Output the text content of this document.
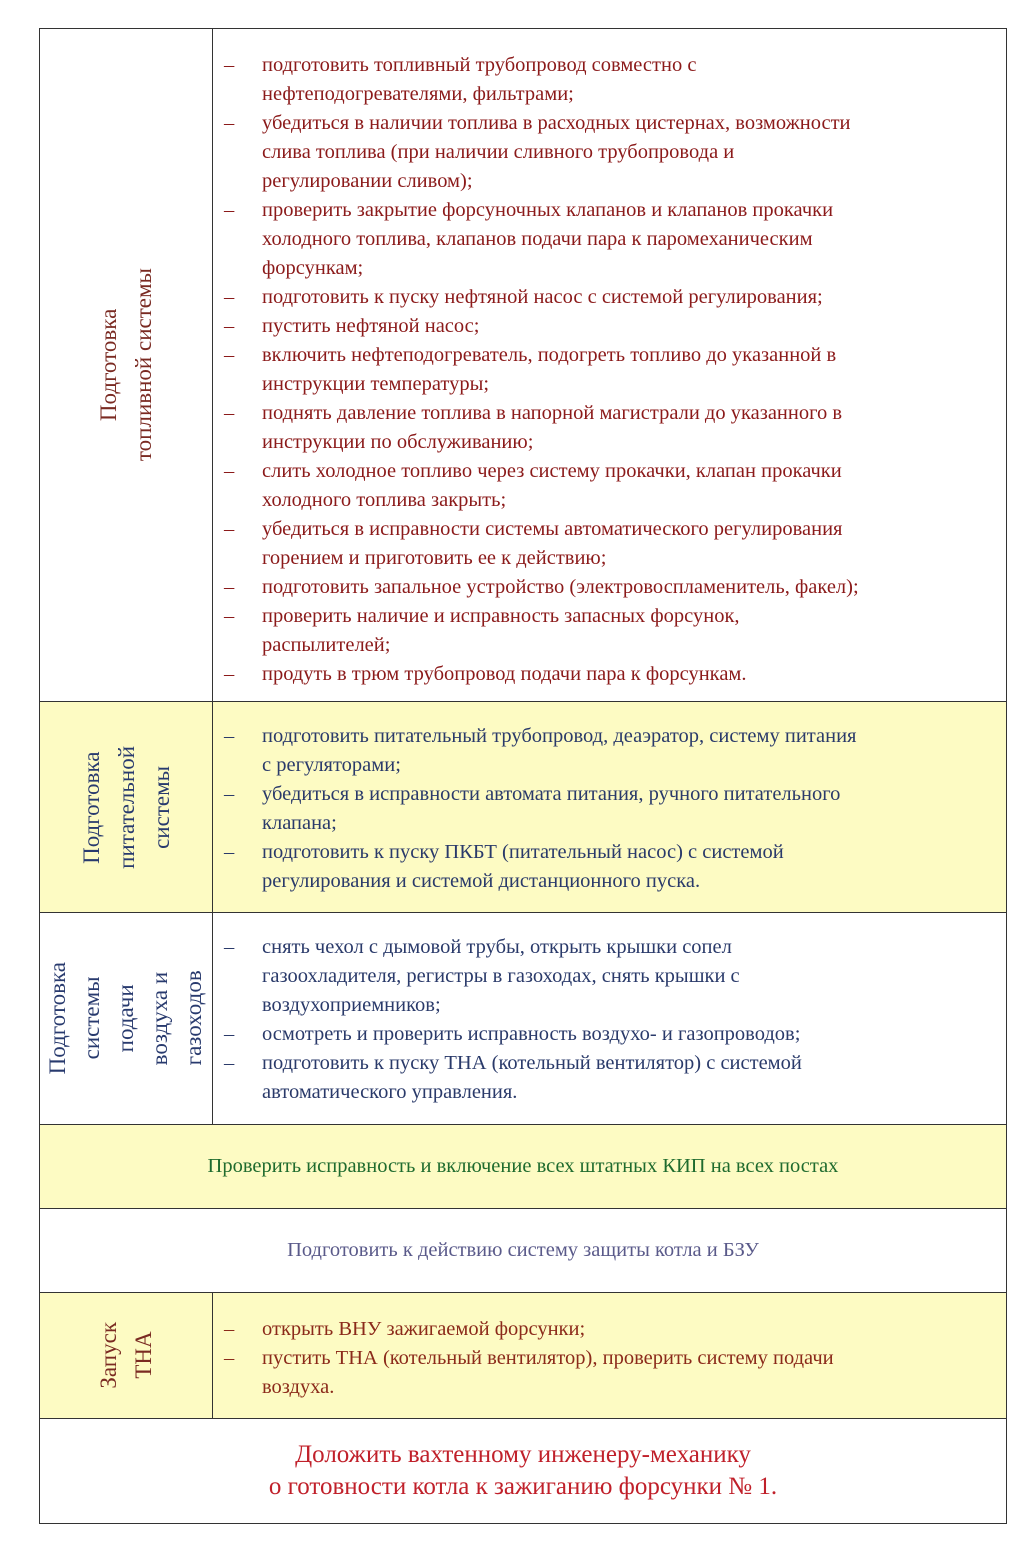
Подготовка топливной системы
– подготовить топливный трубопровод совместно с
нефтеподогревателями, фильтрами;
– убедиться в наличии топлива в расходных цистернах, возможности
слива топлива (при наличии сливного трубопровода и
регулировании сливом);
– проверить закрытие форсуночных клапанов и клапанов прокачки
холодного топлива, клапанов подачи пара к паромеханическим
форсункам;
– подготовить к пуску нефтяной насос с системой регулирования;
– пустить нефтяной насос;
– включить нефтеподогреватель, подогреть топливо до указанной в
инструкции температуры;
– поднять давление топлива в напорной магистрали до указанного в
инструкции по обслуживанию;
– слить холодное топливо через систему прокачки, клапан прокачки
холодного топлива закрыть;
– убедиться в исправности системы автоматического регулирования
горением и приготовить ее к действию;
– подготовить запальное устройство (электровоспламенитель, факел);
– проверить наличие и исправность запасных форсунок,
распылителей;
– продуть в трюм трубопровод подачи пара к форсункам.
Подготовка питательной системы
– подготовить питательный трубопровод, деаэратор, систему питания
с регуляторами;
– убедиться в исправности автомата питания, ручного питательного
клапана;
– подготовить к пуску ПКБТ (питательный насос) с системой
регулирования и системой дистанционного пуска.
Подготовка системы подачи воздуха и газоходов
– снять чехол с дымовой трубы, открыть крышки сопел
газоохладителя, регистры в газоходах, снять крышки с
воздухоприемников;
– осмотреть и проверить исправность воздухо- и газопроводов;
– подготовить к пуску ТНА (котельный вентилятор) с системой
автоматического управления.
Проверить исправность и включение всех штатных КИП на всех постах
Подготовить к действию систему защиты котла и БЗУ
Запуск ТНА
– открыть ВНУ зажигаемой форсунки;
– пустить ТНА (котельный вентилятор), проверить систему подачи
воздуха.
Доложить вахтенному инженеру-механику
о готовности котла к зажиганию форсунки № 1.
